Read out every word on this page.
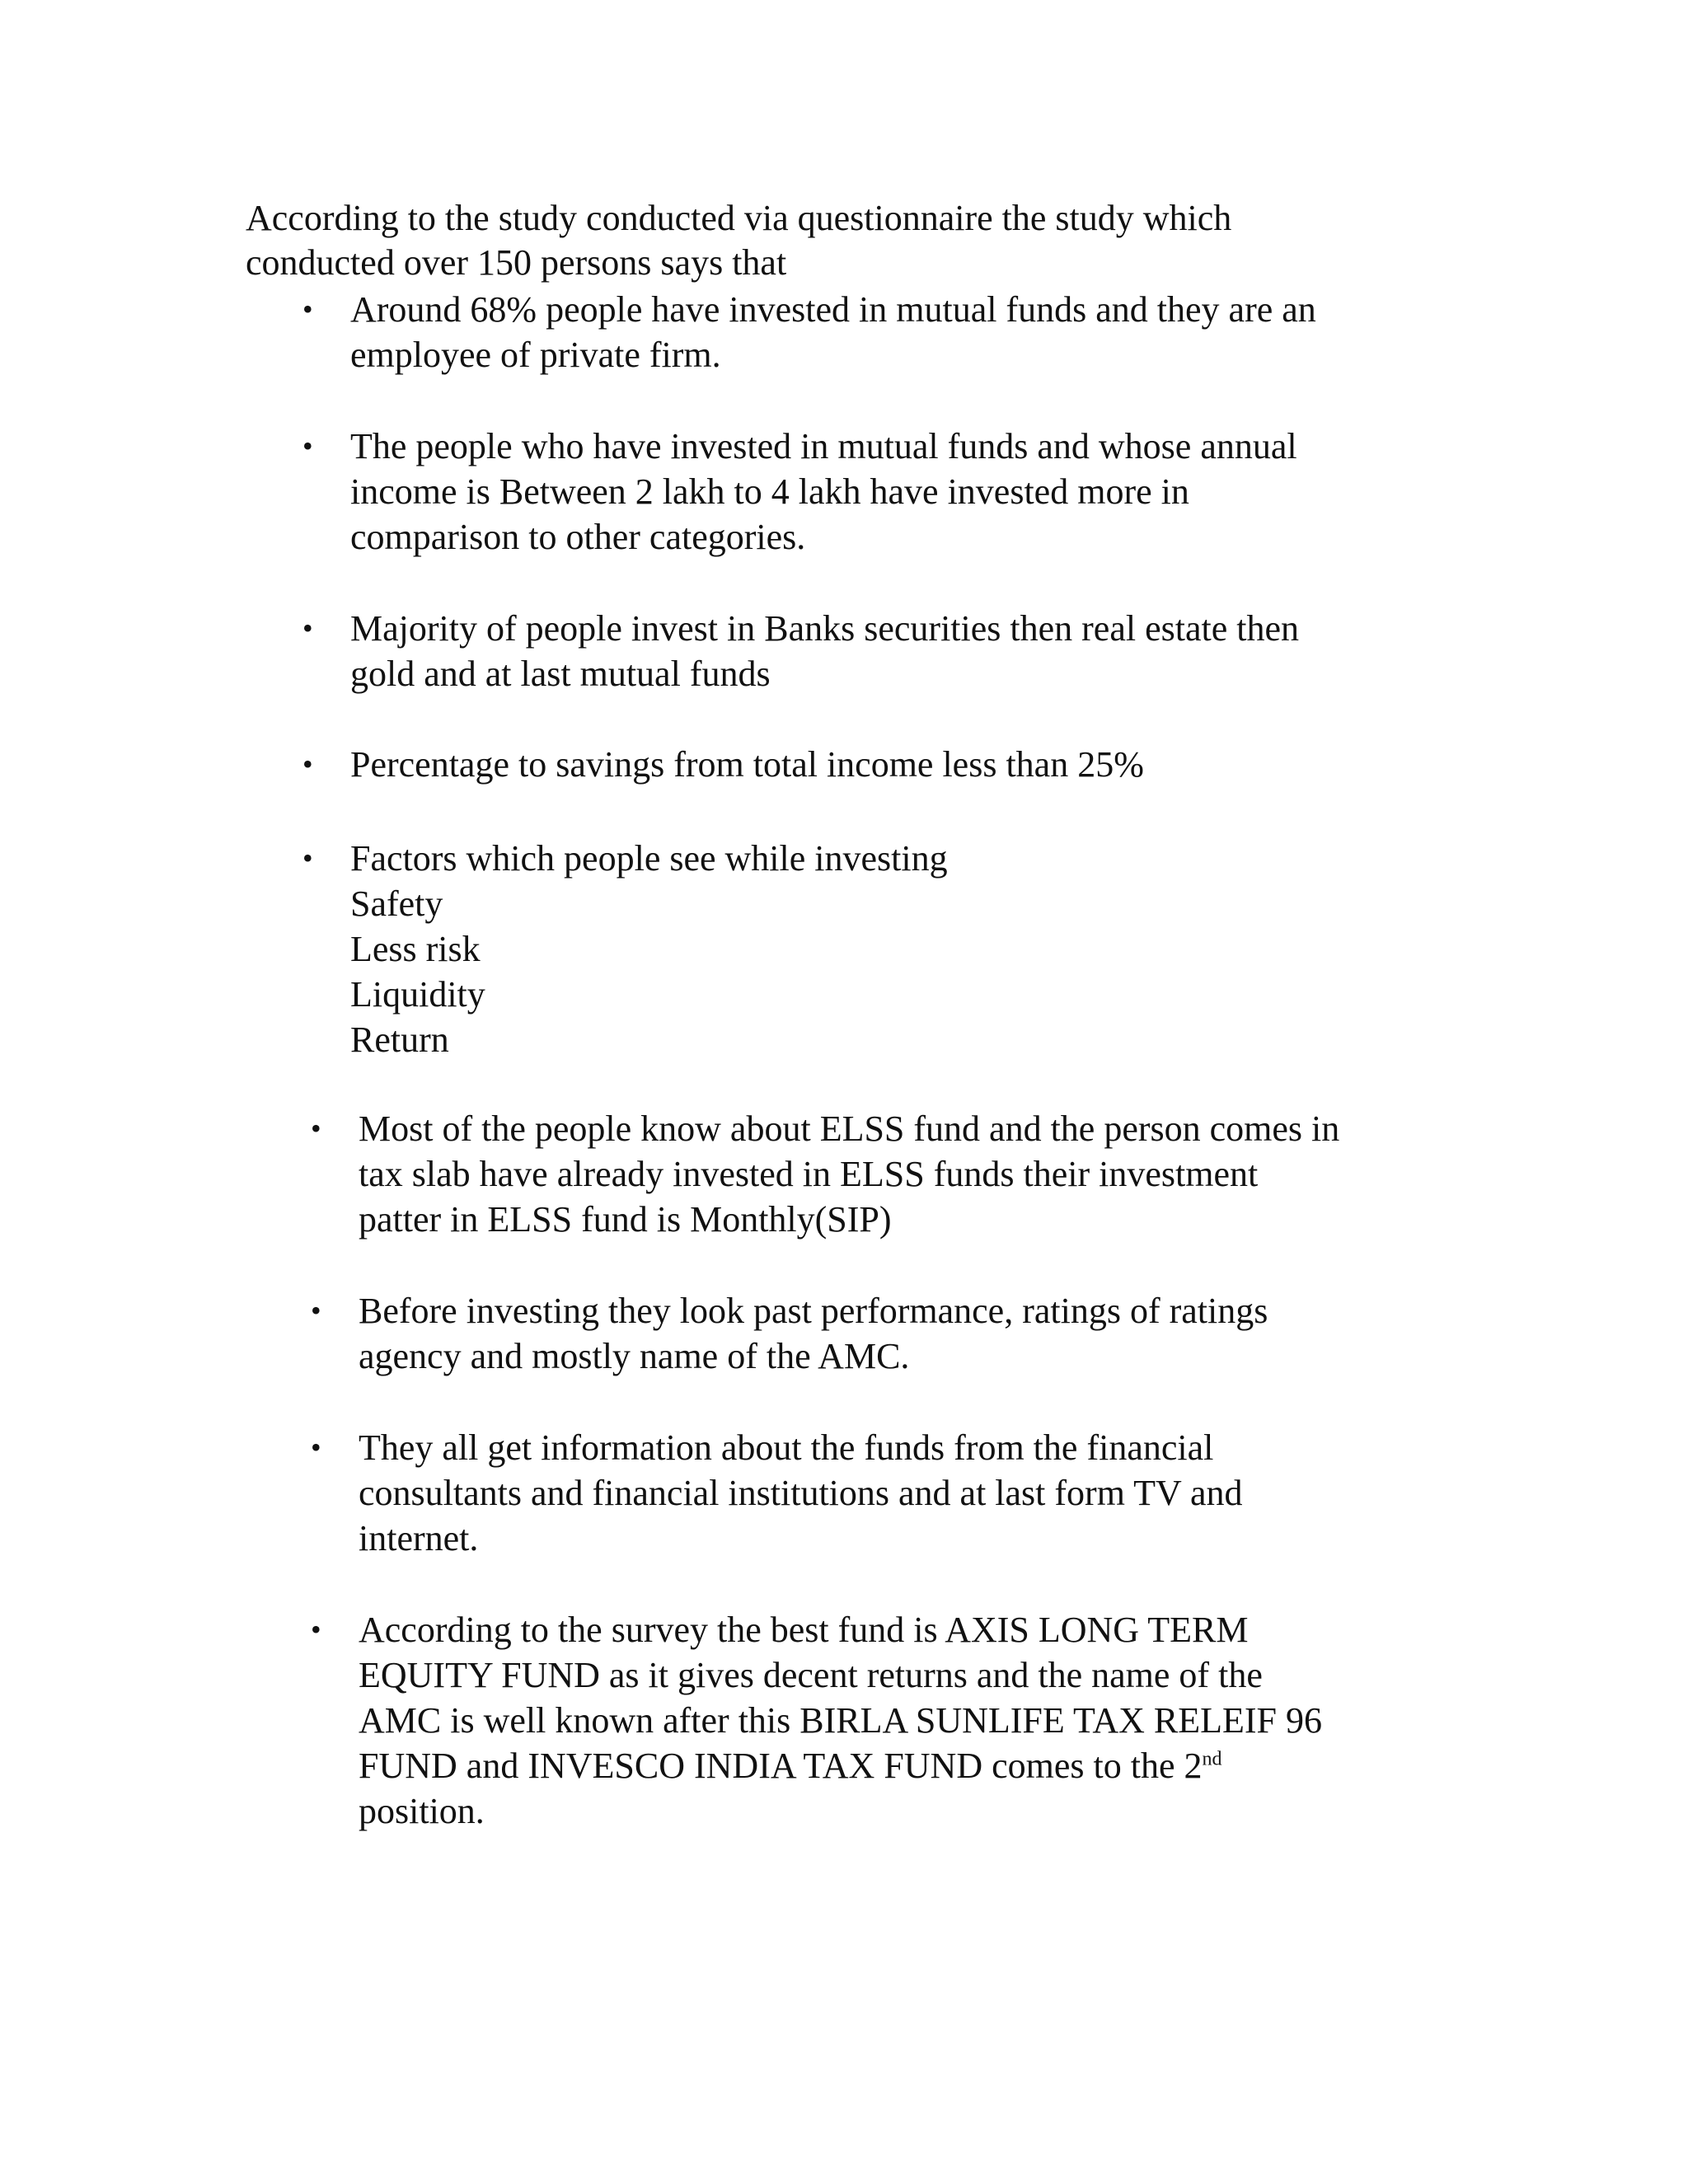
According to the study conducted via questionnaire the study which
conducted over 150 persons says that
• Around 68% people have invested in mutual funds and they are an
employee of private firm.
• The people who have invested in mutual funds and whose annual
income is Between 2 lakh to 4 lakh have invested more in
comparison to other categories.
• Majority of people invest in Banks securities then real estate then
gold and at last mutual funds
• Percentage to savings from total income less than 25%
• Factors which people see while investing
Safety
Less risk
Liquidity
Return
• Most of the people know about ELSS fund and the person comes in
tax slab have already invested in ELSS funds their investment
patter in ELSS fund is Monthly(SIP)
• Before investing they look past performance, ratings of ratings
agency and mostly name of the AMC.
• They all get information about the funds from the financial
consultants and financial institutions and at last form TV and
internet.
• According to the survey the best fund is AXIS LONG TERM
EQUITY FUND as it gives decent returns and the name of the
AMC is well known after this BIRLA SUNLIFE TAX RELEIF 96
FUND and INVESCO INDIA TAX FUND comes to the 2nd
position.
